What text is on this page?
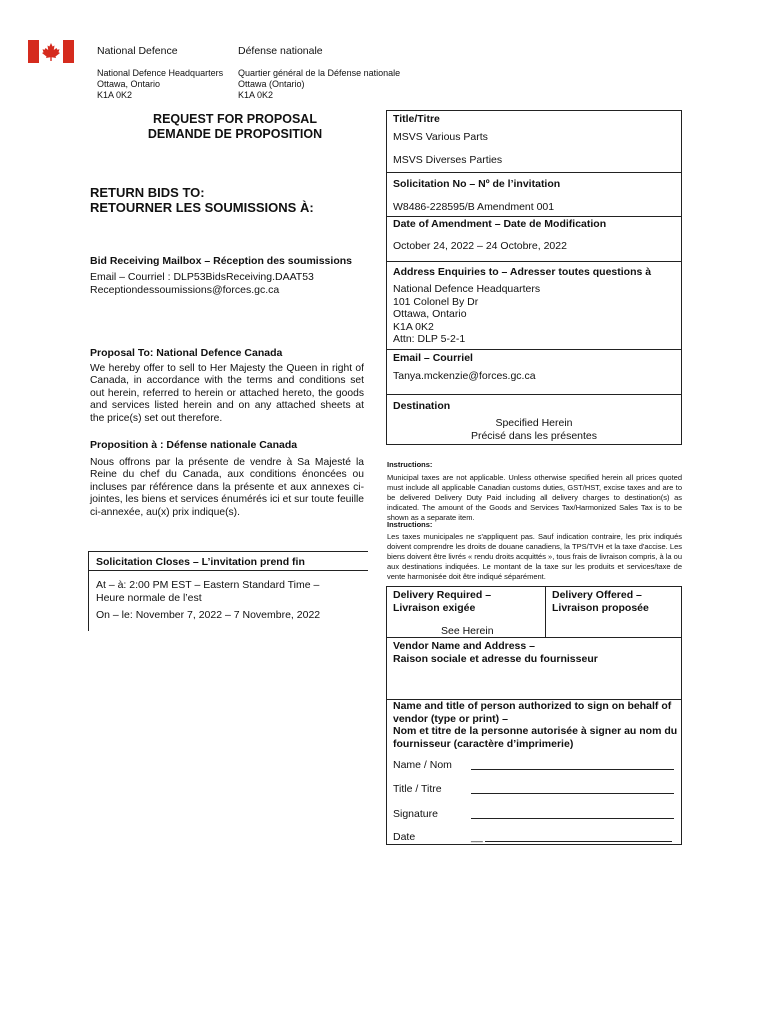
National Defence	Défense nationale
National Defence Headquarters
Ottawa, Ontario
K1A 0K2
Quartier général de la Défense nationale
Ottawa (Ontario)
K1A 0K2
REQUEST FOR PROPOSAL
DEMANDE DE PROPOSITION
RETURN BIDS TO:
RETOURNER LES SOUMISSIONS À:
Bid Receiving Mailbox – Réception des soumissions
Email – Courriel : DLP53BidsReceiving.DAAT53
Receptiondessoumissions@forces.gc.ca
Proposal To: National Defence Canada
We hereby offer to sell to Her Majesty the Queen in right of Canada, in accordance with the terms and conditions set out herein, referred to herein or attached hereto, the goods and services listed herein and on any attached sheets at the price(s) set out therefore.
Proposition à : Défense nationale Canada
Nous offrons par la présente de vendre à Sa Majesté la Reine du chef du Canada, aux conditions énoncées ou incluses par référence dans la présente et aux annexes ci-jointes, les biens et services énumérés ici et sur toute feuille ci-annexée, au(x) prix indique(s).
Solicitation Closes – L’invitation prend fin
At – à: 2:00 PM EST – Eastern Standard Time –
Heure normale de l’est
On – le: November 7, 2022 – 7 Novembre, 2022
Title/Titre
MSVS Various Parts
MSVS Diverses Parties
Solicitation No – Nº de l’invitation
W8486-228595/B Amendment 001
Date of Amendment – Date de Modification
October 24, 2022 – 24 Octobre, 2022
Address Enquiries to – Adresser toutes questions à
National Defence Headquarters
101 Colonel By Dr
Ottawa, Ontario
K1A 0K2
Attn: DLP 5-2-1
Email – Courriel
Tanya.mckenzie@forces.gc.ca
Destination
Specified Herein
Précisé dans les présentes
Instructions:
Municipal taxes are not applicable. Unless otherwise specified herein all prices quoted must include all applicable Canadian customs duties, GST/HST, excise taxes and are to be delivered Delivery Duty Paid including all delivery charges to destination(s) as indicated. The amount of the Goods and Services Tax/Harmonized Sales Tax is to be shown as a separate item.
Instructions:
Les taxes municipales ne s'appliquent pas. Sauf indication contraire, les prix indiqués doivent comprendre les droits de douane canadiens, la TPS/TVH et la taxe d'accise. Les biens doivent être livrés « rendu droits acquittés », tous frais de livraison compris, à la ou aux destinations indiquées. Le montant de la taxe sur les produits et services/taxe de vente harmonisée doit être indiqué séparément.
Delivery Required –
Livraison exigée
Delivery Offered –
Livraison proposée
See Herein
Vendor Name and Address –
Raison sociale et adresse du fournisseur
Name and title of person authorized to sign on behalf of
vendor (type or print) –
Nom et titre de la personne autorisée à signer au nom du
fournisseur (caractère d’imprimerie)
Name / Nom
Title / Titre
Signature
Date	__
